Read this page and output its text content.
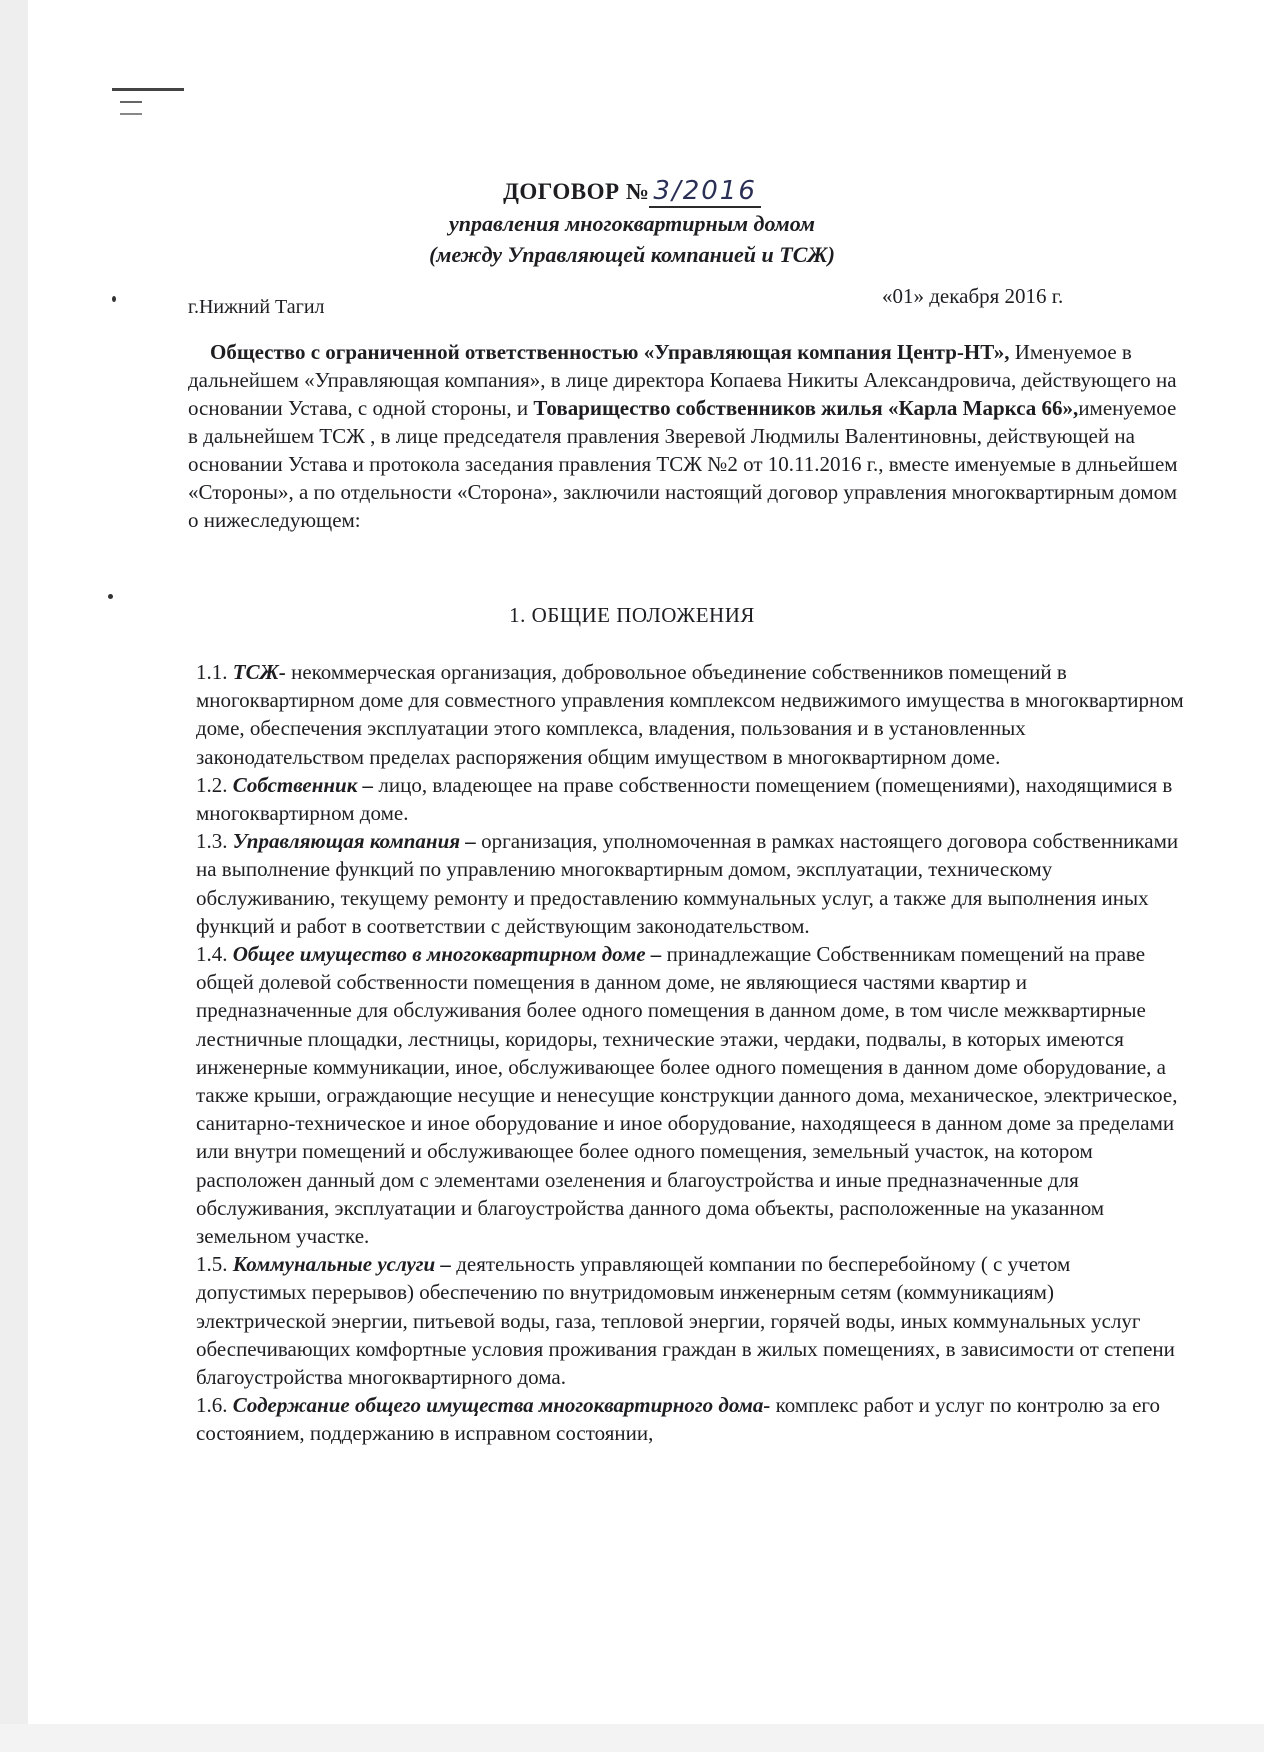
ДОГОВОР № 3/2016
управления многоквартирным домом
(между Управляющей компанией и ТСЖ)
г.Нижний Тагил	«01» декабря 2016 г.

Общество с ограниченной ответственностью «Управляющая компания Центр-НТ», Именуемое в дальнейшем «Управляющая компания», в лице директора Копаева Никиты Александровича, действующего на основании Устава, с одной стороны, и Товарищество собственников жилья «Карла Маркса 66»,именуемое в дальнейшем ТСЖ , в лице председателя правления Зверевой Людмилы Валентиновны, действующей на основании Устава и протокола заседания правления ТСЖ №2 от 10.11.2016 г., вместе именуемые в длньейшем «Стороны», а по отдельности «Сторона», заключили настоящий договор управления многоквартирным домом о нижеследующем:

1. ОБЩИЕ ПОЛОЖЕНИЯ

1.1. ТСЖ- некоммерческая организация, добровольное объединение собственников помещений в многоквартирном доме для совместного управления комплексом недвижимого имущества в многоквартирном доме, обеспечения эксплуатации этого комплекса, владения, пользования и в установленных законодательством пределах распоряжения общим имуществом в многоквартирном доме.

1.2. Собственник – лицо, владеющее на праве собственности помещением (помещениями), находящимися в многоквартирном доме.

1.3. Управляющая компания – организация, уполномоченная в рамках настоящего договора собственниками на выполнение функций по управлению многоквартирным домом, эксплуатации, техническому обслуживанию, текущему ремонту и предоставлению коммунальных услуг, а также для выполнения иных функций и работ в соответствии с действующим законодательством.

1.4. Общее имущество в многоквартирном доме – принадлежащие Собственникам помещений на праве общей долевой собственности помещения в данном доме, не являющиеся частями квартир и предназначенные для обслуживания более одного помещения в данном доме, в том числе межквартирные лестничные площадки, лестницы, коридоры, технические этажи, чердаки, подвалы, в которых имеются инженерные коммуникации, иное, обслуживающее более одного помещения в данном доме оборудование, а также крыши, ограждающие несущие и ненесущие конструкции данного дома, механическое, электрическое, санитарно-техническое и иное оборудование и иное оборудование, находящееся в данном доме за пределами или внутри помещений и обслуживающее более одного помещения, земельный участок, на котором расположен данный дом с элементами озеленения и благоустройства и иные предназначенные для обслуживания, эксплуатации и благоустройства данного дома объекты, расположенные на указанном земельном участке.

1.5. Коммунальные услуги – деятельность управляющей компании по бесперебойному ( с учетом допустимых перерывов) обеспечению по внутридомовым инженерным сетям (коммуникациям) электрической энергии, питьевой воды, газа, тепловой энергии, горячей воды, иных коммунальных услуг обеспечивающих комфортные условия проживания граждан в жилых помещениях, в зависимости от степени благоустройства многоквартирного дома.

1.6. Содержание общего имущества многоквартирного дома- комплекс работ и услуг по контролю за его состоянием, поддержанию в исправном состоянии,
